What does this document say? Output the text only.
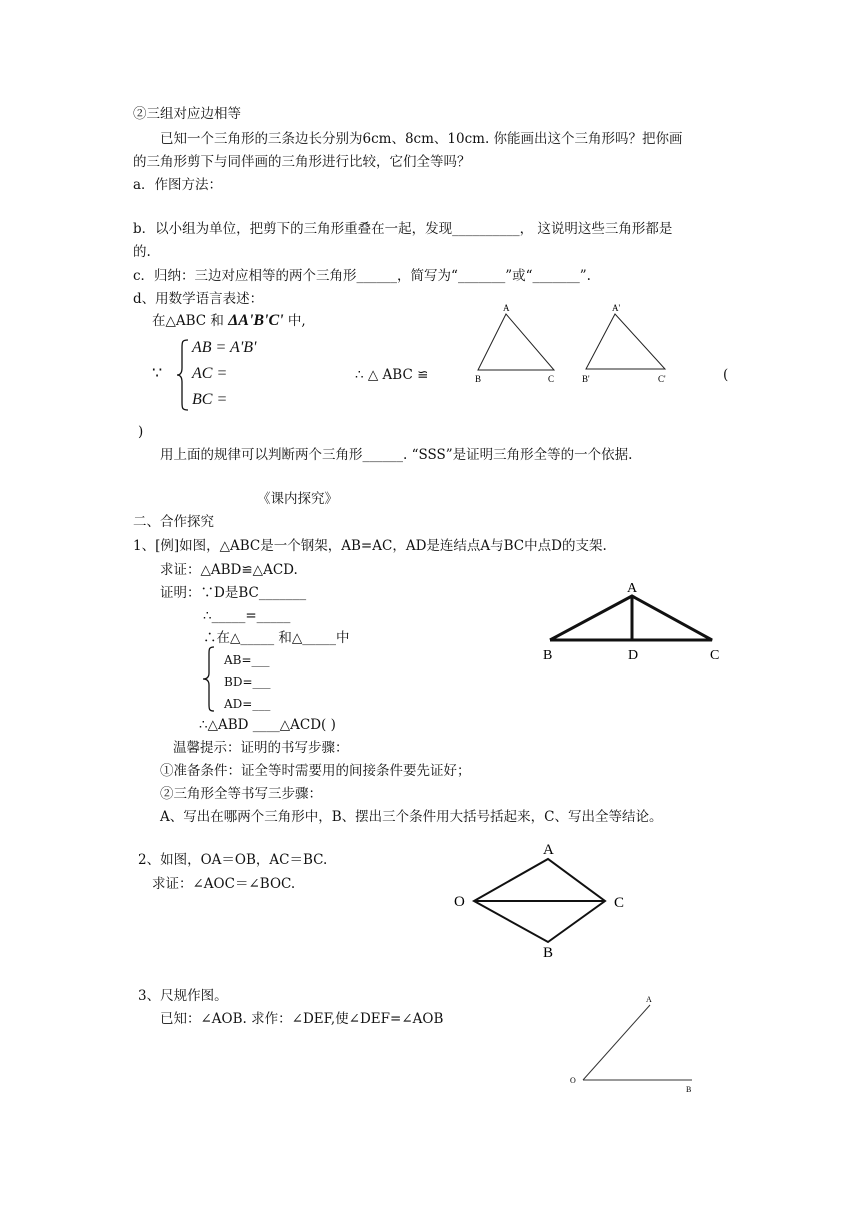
②三组对应边相等
已知一个三角形的三条边长分别为6cm、8cm、10cm. 你能画出这个三角形吗？把你画
的三角形剪下与同伴画的三角形进行比较，它们全等吗？
a．作图方法：
b．以小组为单位，把剪下的三角形重叠在一起，发现__________， 这说明这些三角形都是
的.
c．归纳：三边对应相等的两个三角形______，简写为“_______”或“_______”.
d、用数学语言表述：
在△ABC 和 ΔA'B'C' 中,
∵
AB = A'B'
AC =
BC =
∴ △ ABC ≌	(
)
A
B	C
A'
B'	C'
用上面的规律可以判断两个三角形______. “SSS”是证明三角形全等的一个依据.
《课内探究》
二、合作探究
1、[例]如图，△ABC是一个钢架，AB=AC，AD是连结点A与BC中点D的支架.
求证：△ABD≌△ACD.
证明：∵D是BC_______
∴_____=_____
∴在△_____ 和△_____中
AB=___
BD=___
AD=___
∴△ABD ____△ACD( )
A
B	D	C
温馨提示：证明的书写步骤：
①准备条件：证全等时需要用的间接条件要先证好；
②三角形全等书写三步骤：
A、写出在哪两个三角形中，B、摆出三个条件用大括号括起来，C、写出全等结论。
2、如图，OA＝OB，AC＝BC.
求证：∠AOC＝∠BOC.
A
O	C
B
3、尺规作图。
已知：∠AOB. 求作：∠DEF,使∠DEF=∠AOB
A
O
B
